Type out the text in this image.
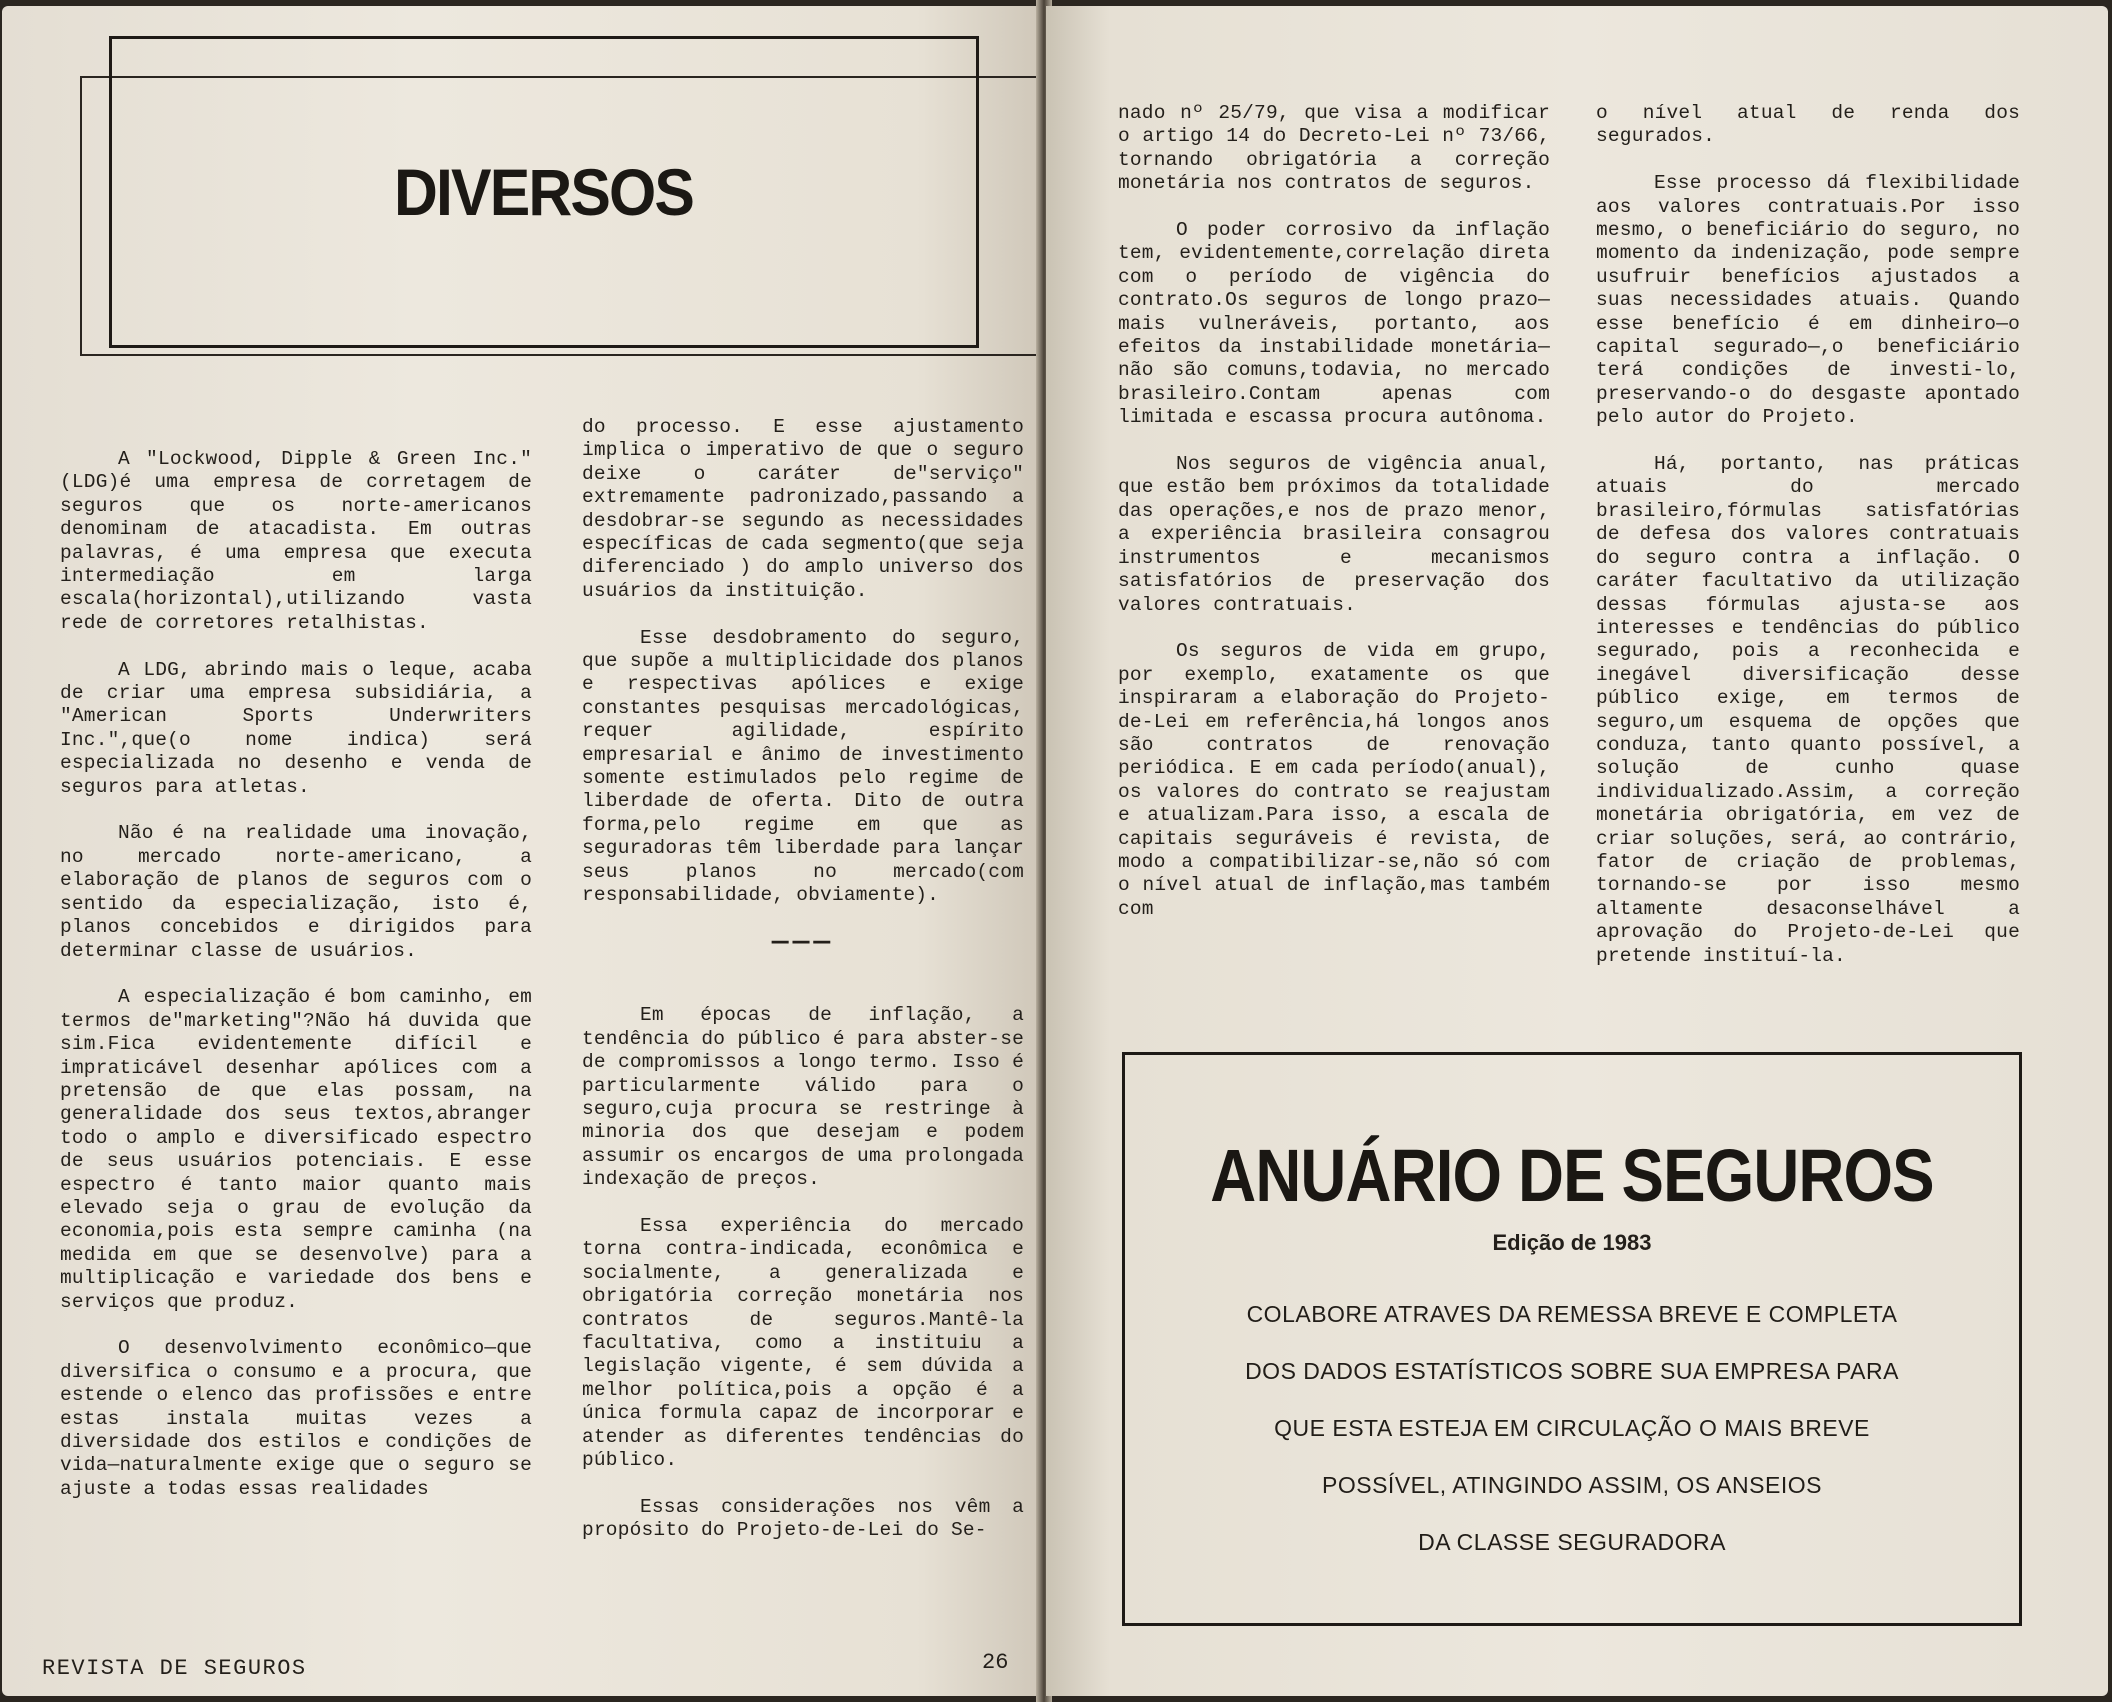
DIVERSOS

A "Lockwood, Dipple & Green Inc."(LDG)é uma empresa de corretagem de seguros que os norte-americanos denominam de atacadista. Em outras palavras, é uma empresa que executa intermediação em larga escala(horizontal),utilizando vasta rede de corretores retalhistas.

A LDG, abrindo mais o leque, acaba de criar uma empresa subsidiária, a "American Sports Underwriters Inc.",que(o nome indica) será especializada no desenho e venda de seguros para atletas.

Não é na realidade uma inovação, no mercado norte-americano, a elaboração de planos de seguros com o sentido da especialização, isto é, planos concebidos e dirigidos para determinar classe de usuários.

A especialização é bom caminho, em termos de"marketing"?Não há duvida que sim.Fica evidentemente difícil e impraticável desenhar apólices com a pretensão de que elas possam, na generalidade dos seus textos,abranger todo o amplo e diversificado espectro de seus usuários potenciais. E esse espectro é tanto maior quanto mais elevado seja o grau de evolução da economia,pois esta sempre caminha (na medida em que se desenvolve) para a multiplicação e variedade dos bens e serviços que produz.

O desenvolvimento econômico—que diversifica o consumo e a procura, que estende o elenco das profissões e entre estas instala muitas vezes a diversidade dos estilos e condições de vida—naturalmente exige que o seguro se ajuste a todas essas realidades

do processo. E esse ajustamento implica o imperativo de que o seguro deixe o caráter de"serviço" extremamente padronizado,passando a desdobrar-se segundo as necessidades específicas de cada segmento(que seja diferenciado ) do amplo universo dos usuários da instituição.

Esse desdobramento do seguro, que supõe a multiplicidade dos planos e respectivas apólices e exige constantes pesquisas mercadológicas, requer agilidade, espírito empresarial e ânimo de investimento somente estimulados pelo regime de liberdade de oferta. Dito de outra forma,pelo regime em que as seguradoras têm liberdade para lançar seus planos no mercado(com responsabilidade, obviamente).

———

Em épocas de inflação, a tendência do público é para abster-se de compromissos a longo termo. Isso é particularmente válido para o seguro,cuja procura se restringe à minoria dos que desejam e podem assumir os encargos de uma prolongada indexação de preços.

Essa experiência do mercado torna contra-indicada, econômica e socialmente, a generalizada e obrigatória correção monetária nos contratos de seguros.Mantê-la facultativa, como a instituiu a legislação vigente, é sem dúvida a melhor política,pois a opção é a única formula capaz de incorporar e atender as diferentes tendências do público.

Essas considerações nos vêm a propósito do Projeto-de-Lei do Se-

REVISTA DE SEGUROS	26

nado nº 25/79, que visa a modificar o artigo 14 do Decreto-Lei nº 73/66, tornando obrigatória a correção monetária nos contratos de seguros.

O poder corrosivo da inflação tem, evidentemente,correlação direta com o período de vigência do contrato.Os seguros de longo prazo—mais vulneráveis, portanto, aos efeitos da instabilidade monetária—não são comuns,todavia, no mercado brasileiro.Contam apenas com limitada e escassa procura autônoma.

Nos seguros de vigência anual, que estão bem próximos da totalidade das operações,e nos de prazo menor, a experiência brasileira consagrou instrumentos e mecanismos satisfatórios de preservação dos valores contratuais.

Os seguros de vida em grupo, por exemplo, exatamente os que inspiraram a elaboração do Projeto-de-Lei em referência,há longos anos são contratos de renovação periódica. E em cada período(anual), os valores do contrato se reajustam e atualizam.Para isso, a escala de capitais seguráveis é revista, de modo a compatibilizar-se,não só com o nível atual de inflação,mas também com

o nível atual de renda dos segurados.

Esse processo dá flexibilidade aos valores contratuais.Por isso mesmo, o beneficiário do seguro, no momento da indenização, pode sempre usufruir benefícios ajustados a suas necessidades atuais. Quando esse benefício é em dinheiro—o capital segurado—,o beneficiário terá condições de investi-lo, preservando-o do desgaste apontado pelo autor do Projeto.

Há, portanto, nas práticas atuais do mercado brasileiro,fórmulas satisfatórias de defesa dos valores contratuais do seguro contra a inflação. O caráter facultativo da utilização dessas fórmulas ajusta-se aos interesses e tendências do público segurado, pois a reconhecida e inegável diversificação desse público exige, em termos de seguro,um esquema de opções que conduza, tanto quanto possível, a solução de cunho quase individualizado.Assim, a correção monetária obrigatória, em vez de criar soluções, será, ao contrário, fator de criação de problemas, tornando-se por isso mesmo altamente desaconselhável a aprovação do Projeto-de-Lei que pretende instituí-la.

ANUÁRIO DE SEGUROS
Edição de 1983
COLABORE ATRAVES DA REMESSA BREVE E COMPLETA
DOS DADOS ESTATÍSTICOS SOBRE SUA EMPRESA PARA
QUE ESTA ESTEJA EM CIRCULAÇÃO O MAIS BREVE
POSSÍVEL, ATINGINDO ASSIM, OS ANSEIOS
DA CLASSE SEGURADORA
